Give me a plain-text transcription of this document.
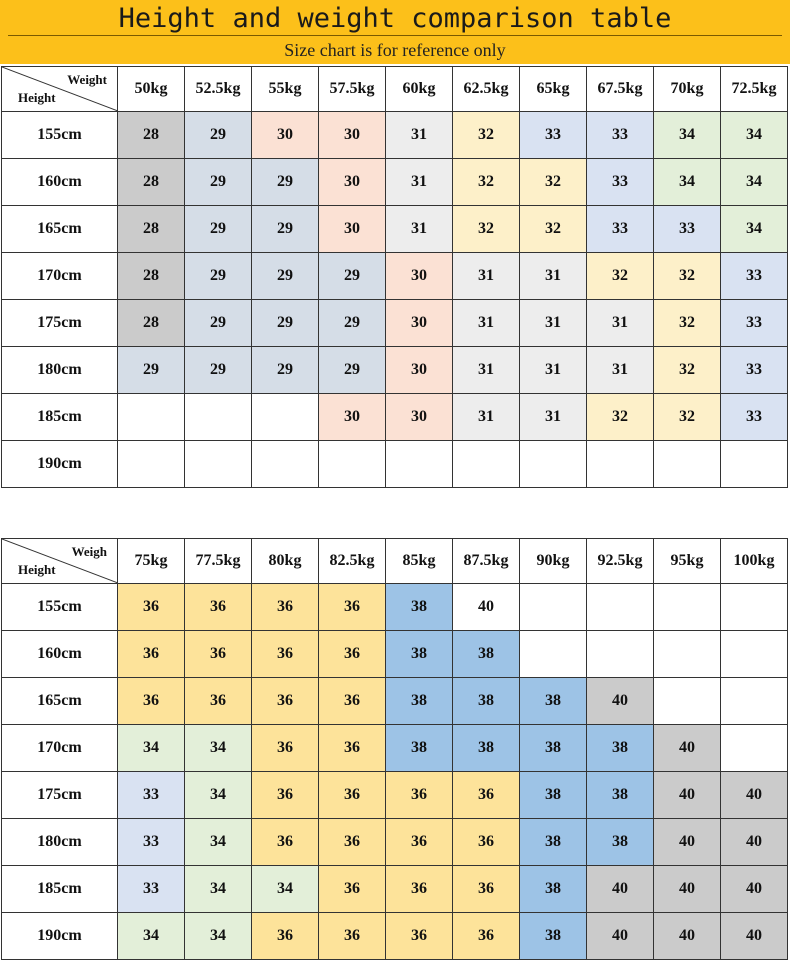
Height and weight comparison table
Size chart is for reference only
Weight
Height	50kg	52.5kg	55kg	57.5kg	60kg	62.5kg	65kg	67.5kg	70kg	72.5kg
155cm	28	29	30	30	31	32	33	33	34	34
160cm	28	29	29	30	31	32	32	33	34	34
165cm	28	29	29	30	31	32	32	33	33	34
170cm	28	29	29	29	30	31	31	32	32	33
175cm	28	29	29	29	30	31	31	31	32	33
180cm	29	29	29	29	30	31	31	31	32	33
185cm				30	30	31	31	32	32	33
190cm										
Weigh
Height	75kg	77.5kg	80kg	82.5kg	85kg	87.5kg	90kg	92.5kg	95kg	100kg
155cm	36	36	36	36	38	40				
160cm	36	36	36	36	38	38				
165cm	36	36	36	36	38	38	38	40		
170cm	34	34	36	36	38	38	38	38	40	
175cm	33	34	36	36	36	36	38	38	40	40
180cm	33	34	36	36	36	36	38	38	40	40
185cm	33	34	34	36	36	36	38	40	40	40
190cm	34	34	36	36	36	36	38	40	40	40
